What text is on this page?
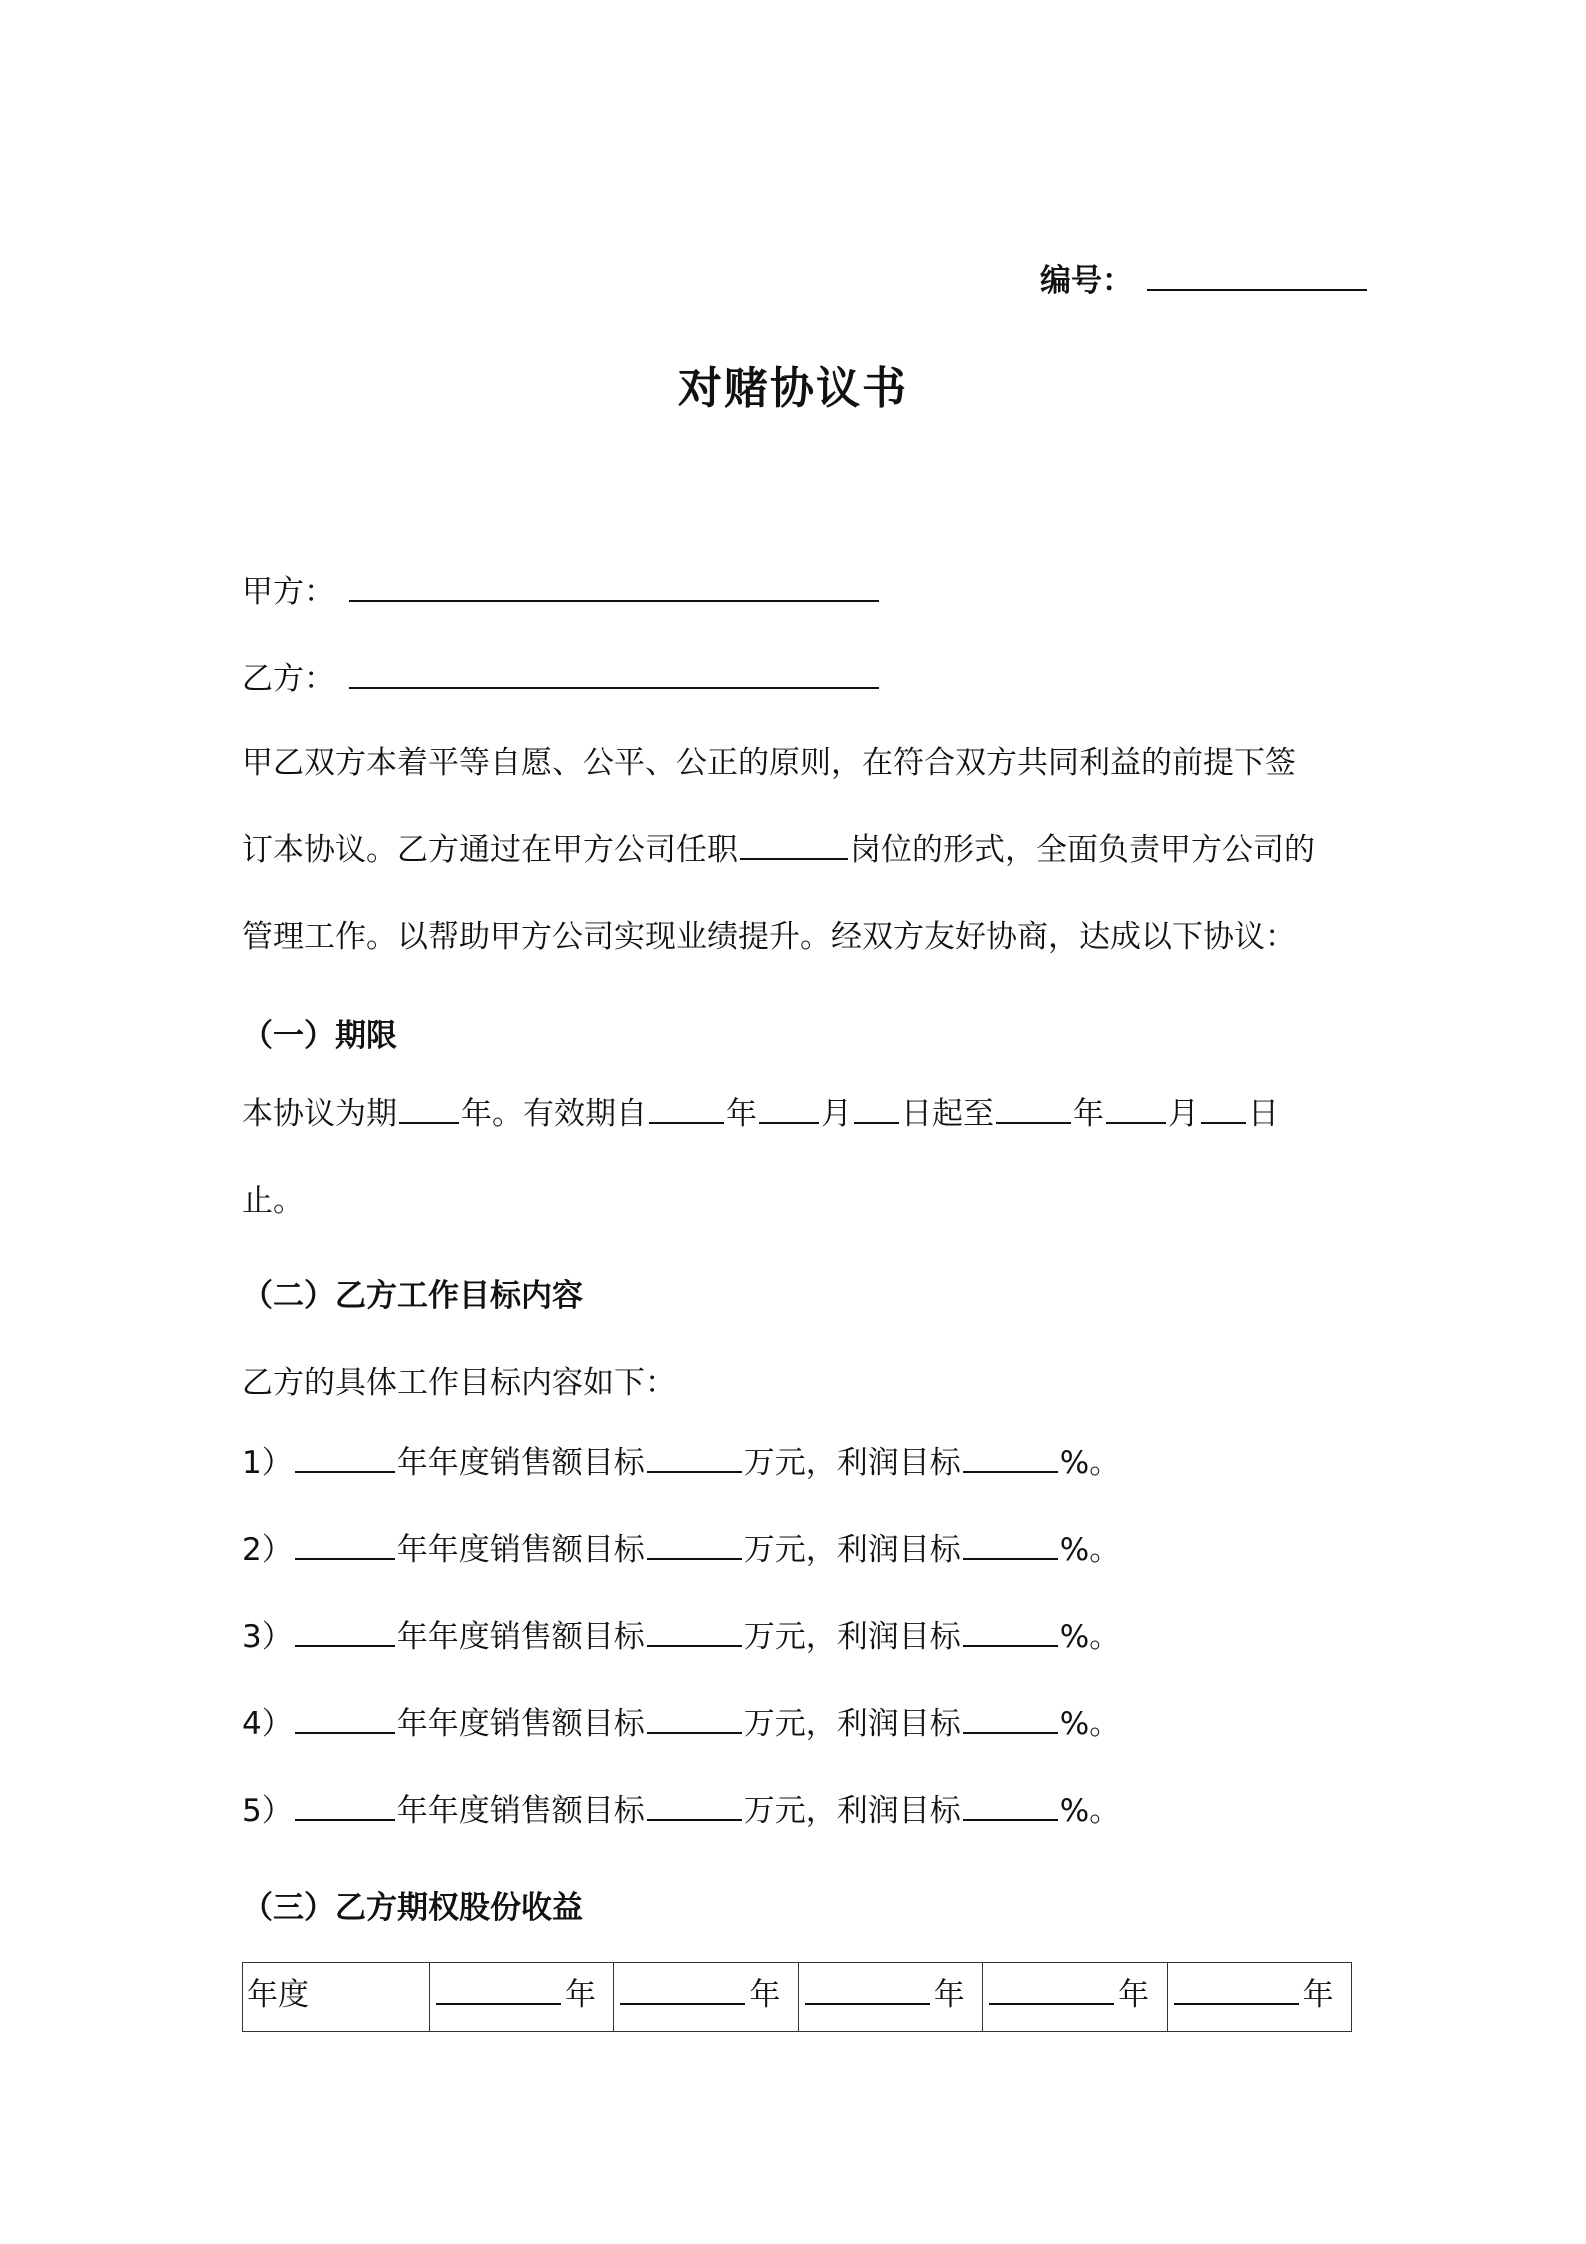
编号：
对赌协议书
甲方：
乙方：

甲乙双方本着平等自愿、公平、公正的原则，在符合双方共同利益的前提下签

订本协议。乙方通过在甲方公司任职	岗位的形式，全面负责甲方公司的

管理工作。以帮助甲方公司实现业绩提升。经双方友好协商，达成以下协议：

（一）期限

本协议为期 年。有效期自	年 月 日起至	年 月 日

止。

（二）乙方工作目标内容
乙方的具体工作目标内容如下：

1）	年年度销售额目标	万元，利润目标	%。

2）	年年度销售额目标	万元，利润目标	%。

3）	年年度销售额目标	万元，利润目标	%。

4）	年年度销售额目标	万元，利润目标	%。

5）	年年度销售额目标	万元，利润目标	%。

（三）乙方期权股份收益
年度	年	年	年	年	年
